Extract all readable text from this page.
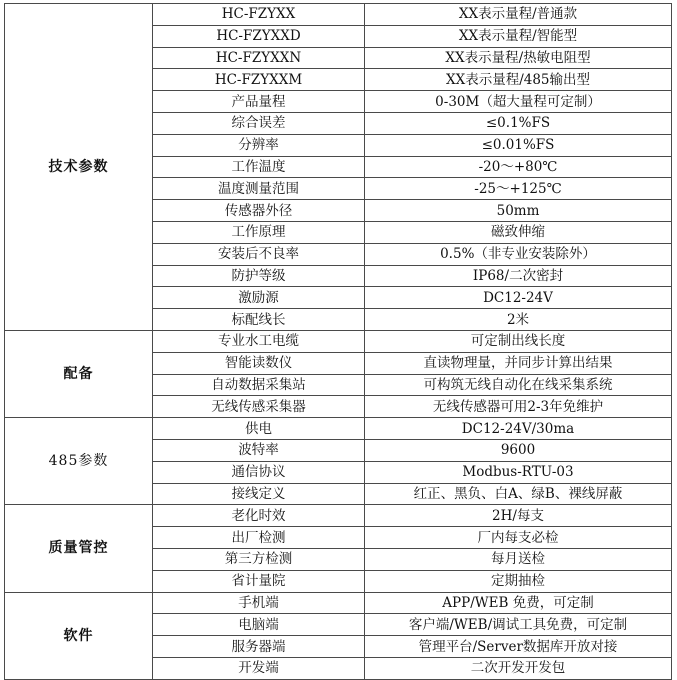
技术参数	HC-FZYXX	XX表示量程/普通款
	HC-FZYXXD	XX表示量程/智能型
	HC-FZYXXN	XX表示量程/热敏电阻型
	HC-FZYXXM	XX表示量程/485输出型
	产品量程	0-30M（超大量程可定制）
	综合误差	≤0.1%FS
	分辨率	≤0.01%FS
	工作温度	-20～+80℃
	温度测量范围	-25～+125℃
	传感器外径	50mm
	工作原理	磁致伸缩
	安装后不良率	0.5%（非专业安装除外）
	防护等级	IP68/二次密封
	激励源	DC12-24V
	标配线长	2米
配备	专业水工电缆	可定制出线长度
	智能读数仪	直读物理量，并同步计算出结果
	自动数据采集站	可构筑无线自动化在线采集系统
	无线传感采集器	无线传感器可用2-3年免维护
485参数	供电	DC12-24V/30ma
	波特率	9600
	通信协议	Modbus-RTU-03
	接线定义	红正、黑负、白A、绿B、裸线屏蔽
质量管控	老化时效	2H/每支
	出厂检测	厂内每支必检
	第三方检测	每月送检
	省计量院	定期抽检
软件	手机端	APP/WEB 免费，可定制
	电脑端	客户端/WEB/调试工具免费，可定制
	服务器端	管理平台/Server数据库开放对接
	开发端	二次开发开发包
